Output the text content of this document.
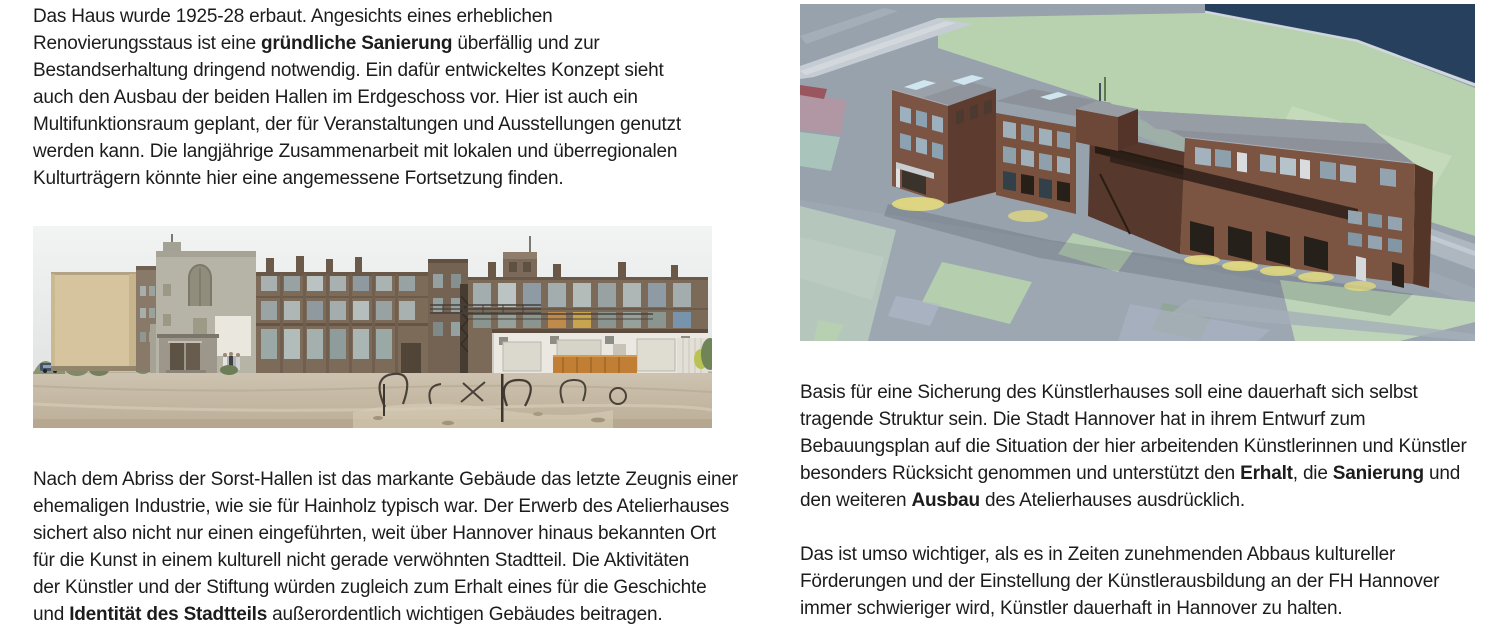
Das Haus wurde 1925-28 erbaut. Angesichts eines erheblichen
Renovierungsstaus ist eine gründliche Sanierung überfällig und zur
Bestandserhaltung dringend notwendig. Ein dafür entwickeltes Konzept sieht
auch den Ausbau der beiden Hallen im Erdgeschoss vor. Hier ist auch ein
Multifunktionsraum geplant, der für Veranstaltungen und Ausstellungen genutzt
werden kann. Die langjährige Zusammenarbeit mit lokalen und überregionalen
Kulturträgern könnte hier eine angemessene Fortsetzung finden.

Nach dem Abriss der Sorst-Hallen ist das markante Gebäude das letzte Zeugnis einer
ehemaligen Industrie, wie sie für Hainholz typisch war. Der Erwerb des Atelierhauses
sichert also nicht nur einen eingeführten, weit über Hannover hinaus bekannten Ort
für die Kunst in einem kulturell nicht gerade verwöhnten Stadtteil. Die Aktivitäten
der Künstler und der Stiftung würden zugleich zum Erhalt eines für die Geschichte
und Identität des Stadtteils außerordentlich wichtigen Gebäudes beitragen.

Basis für eine Sicherung des Künstlerhauses soll eine dauerhaft sich selbst
tragende Struktur sein. Die Stadt Hannover hat in ihrem Entwurf zum
Bebauungsplan auf die Situation der hier arbeitenden Künstlerinnen und Künstler
besonders Rücksicht genommen und unterstützt den Erhalt, die Sanierung und
den weiteren Ausbau des Atelierhauses ausdrücklich.

Das ist umso wichtiger, als es in Zeiten zunehmenden Abbaus kultureller
Förderungen und der Einstellung der Künstlerausbildung an der FH Hannover
immer schwieriger wird, Künstler dauerhaft in Hannover zu halten.
